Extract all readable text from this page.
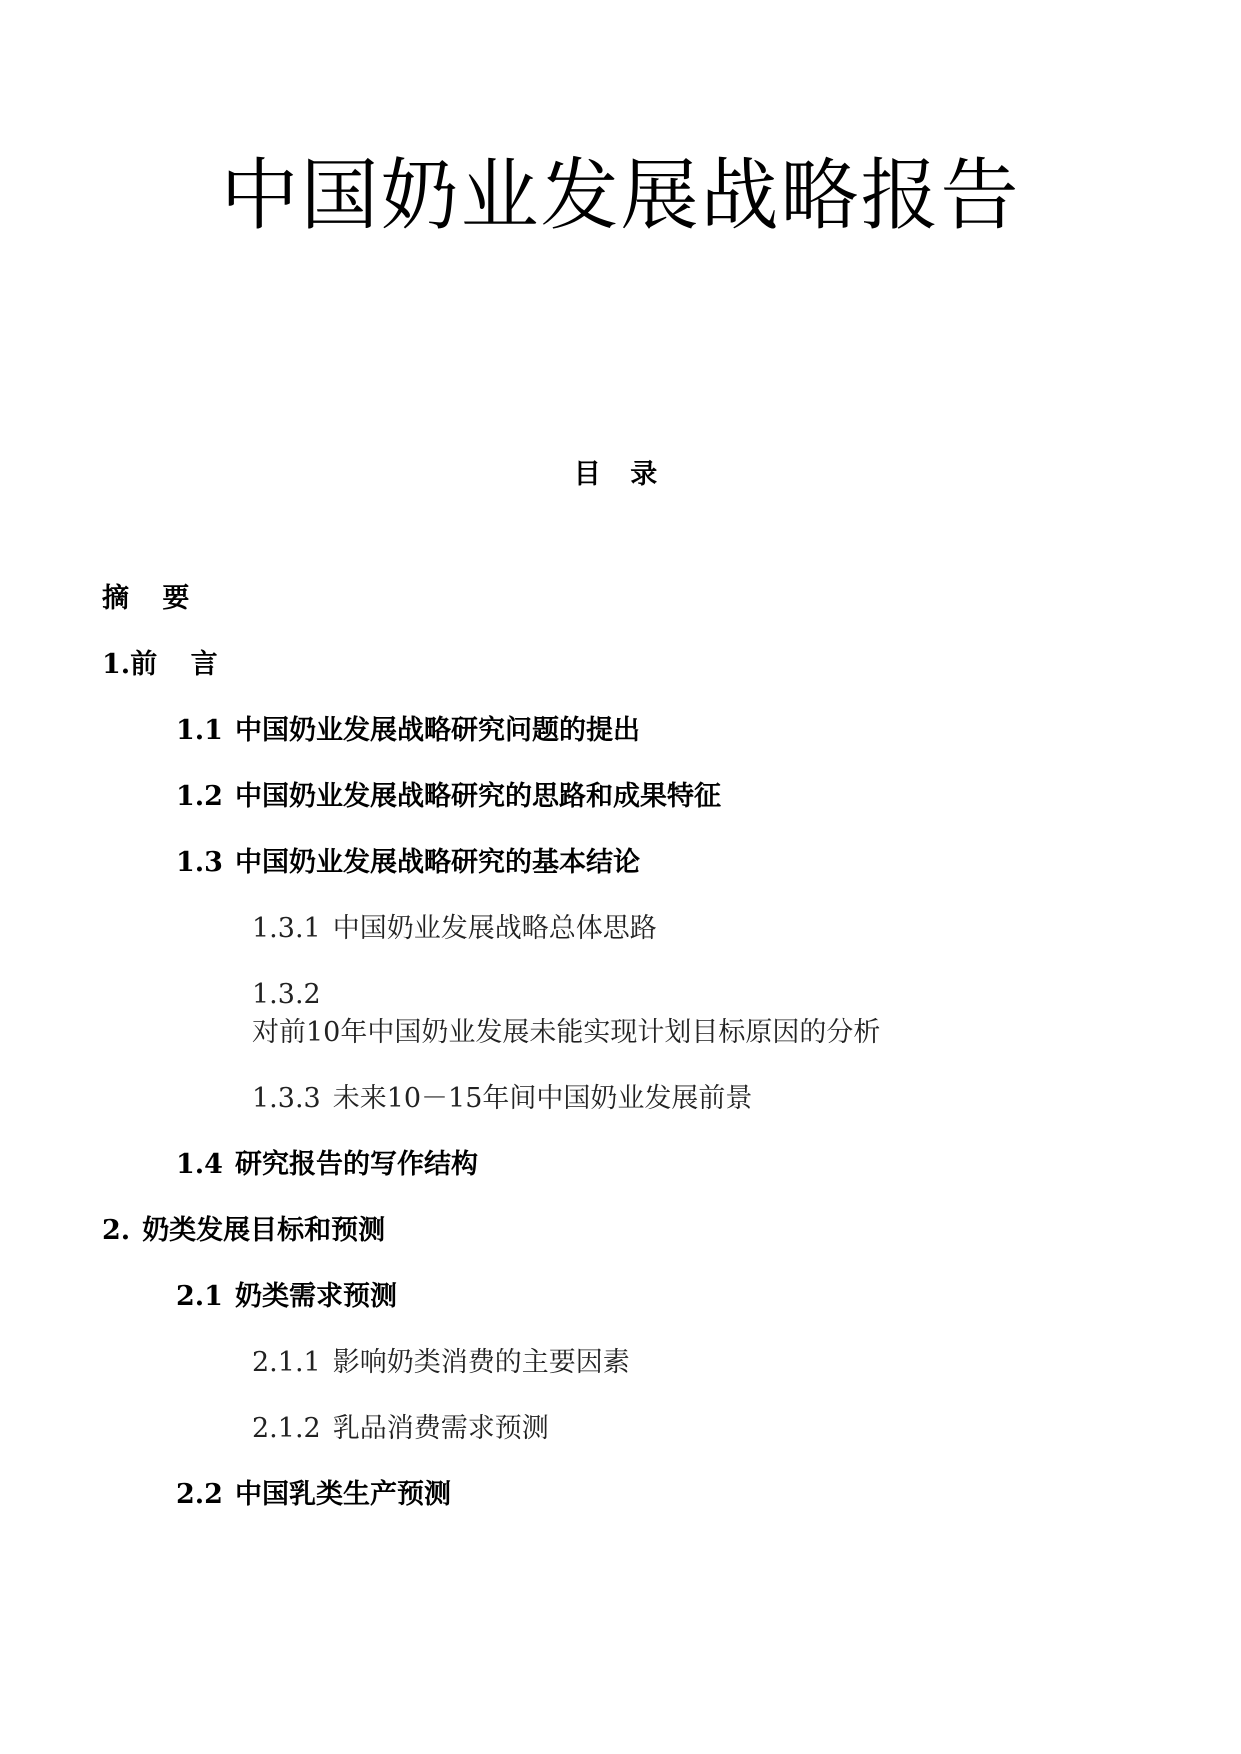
中国奶业发展战略报告
目 录
摘 要
1.前 言
1.1 中国奶业发展战略研究问题的提出
1.2 中国奶业发展战略研究的思路和成果特征
1.3 中国奶业发展战略研究的基本结论
1.3.1 中国奶业发展战略总体思路
1.3.2
对前10年中国奶业发展未能实现计划目标原因的分析
1.3.3 未来10－15年间中国奶业发展前景
1.4 研究报告的写作结构
2. 奶类发展目标和预测
2.1 奶类需求预测
2.1.1 影响奶类消费的主要因素
2.1.2 乳品消费需求预测
2.2 中国乳类生产预测
